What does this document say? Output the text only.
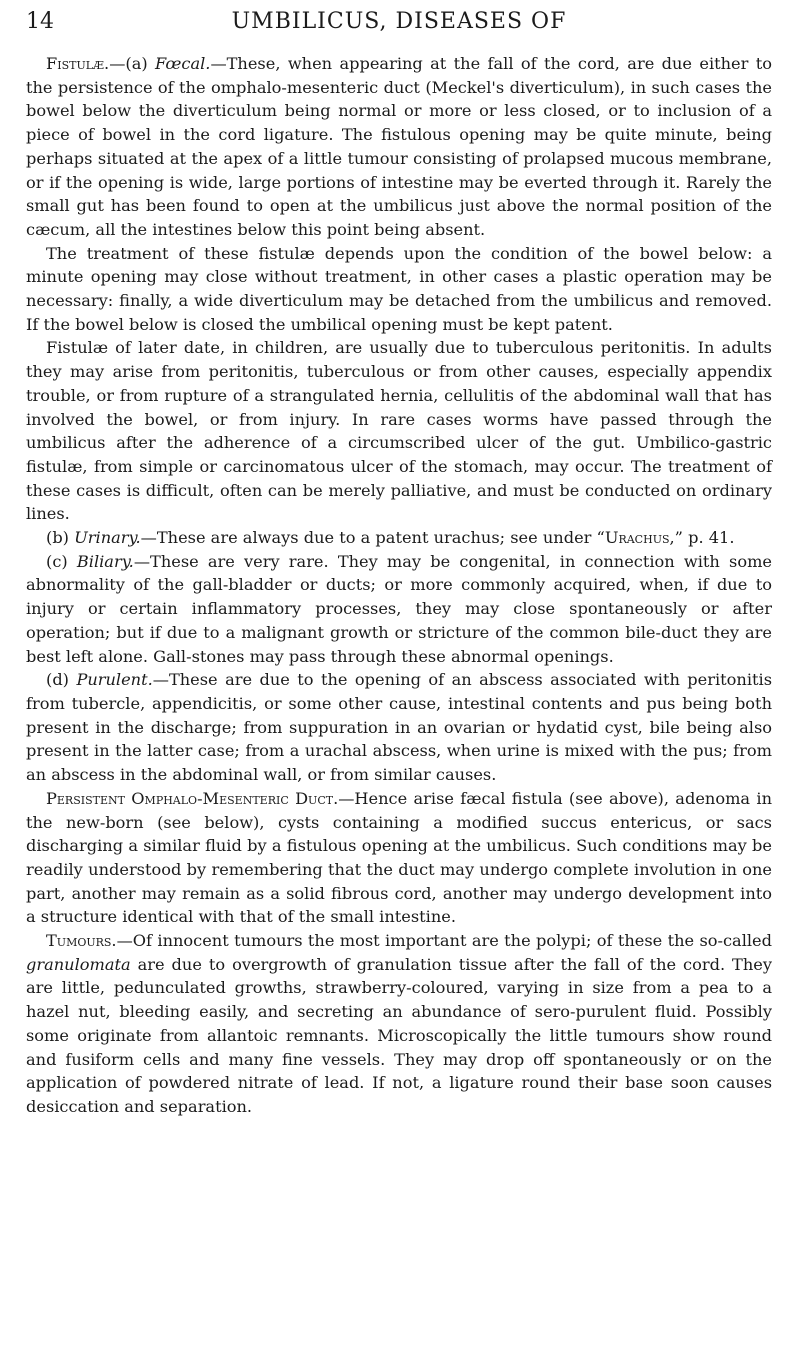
14	UMBILICUS, DISEASES OF

Fistulæ.—(a) Fœcal.—These, when appearing at the fall of the cord, are due either to the persistence of the omphalo-mesenteric duct (Meckel's diverticulum), in such cases the bowel below the diverticulum being normal or more or less closed, or to inclusion of a piece of bowel in the cord ligature. The fistulous opening may be quite minute, being perhaps situated at the apex of a little tumour consisting of prolapsed mucous membrane, or if the opening is wide, large portions of intestine may be everted through it. Rarely the small gut has been found to open at the umbilicus just above the normal position of the cæcum, all the intestines below this point being absent.

The treatment of these fistulæ depends upon the condition of the bowel below: a minute opening may close without treatment, in other cases a plastic operation may be necessary: finally, a wide diverticulum may be detached from the umbilicus and removed. If the bowel below is closed the umbilical opening must be kept patent.

Fistulæ of later date, in children, are usually due to tuberculous peritonitis. In adults they may arise from peritonitis, tuberculous or from other causes, especially appendix trouble, or from rupture of a strangulated hernia, cellulitis of the abdominal wall that has involved the bowel, or from injury. In rare cases worms have passed through the umbilicus after the adherence of a circumscribed ulcer of the gut. Umbilico-gastric fistulæ, from simple or carcinomatous ulcer of the stomach, may occur. The treatment of these cases is difficult, often can be merely palliative, and must be conducted on ordinary lines.

(b) Urinary.—These are always due to a patent urachus; see under “Urachus,” p. 41.

(c) Biliary.—These are very rare. They may be congenital, in connection with some abnormality of the gall-bladder or ducts; or more commonly acquired, when, if due to injury or certain inflammatory processes, they may close spontaneously or after operation; but if due to a malignant growth or stricture of the common bile-duct they are best left alone. Gall-stones may pass through these abnormal openings.

(d) Purulent.—These are due to the opening of an abscess associated with peritonitis from tubercle, appendicitis, or some other cause, intestinal contents and pus being both present in the discharge; from suppuration in an ovarian or hydatid cyst, bile being also present in the latter case; from a urachal abscess, when urine is mixed with the pus; from an abscess in the abdominal wall, or from similar causes.

Persistent Omphalo-Mesenteric Duct.—Hence arise fæcal fistula (see above), adenoma in the new-born (see below), cysts containing a modified succus entericus, or sacs discharging a similar fluid by a fistulous opening at the umbilicus. Such conditions may be readily understood by remembering that the duct may undergo complete involution in one part, another may remain as a solid fibrous cord, another may undergo development into a structure identical with that of the small intestine.

Tumours.—Of innocent tumours the most important are the polypi; of these the so-called granulomata are due to overgrowth of granulation tissue after the fall of the cord. They are little, pedunculated growths, strawberry-coloured, varying in size from a pea to a hazel nut, bleeding easily, and secreting an abundance of sero-purulent fluid. Possibly some originate from allantoic remnants. Microscopically the little tumours show round and fusiform cells and many fine vessels. They may drop off spontaneously or on the application of powdered nitrate of lead. If not, a ligature round their base soon causes desiccation and separation.
